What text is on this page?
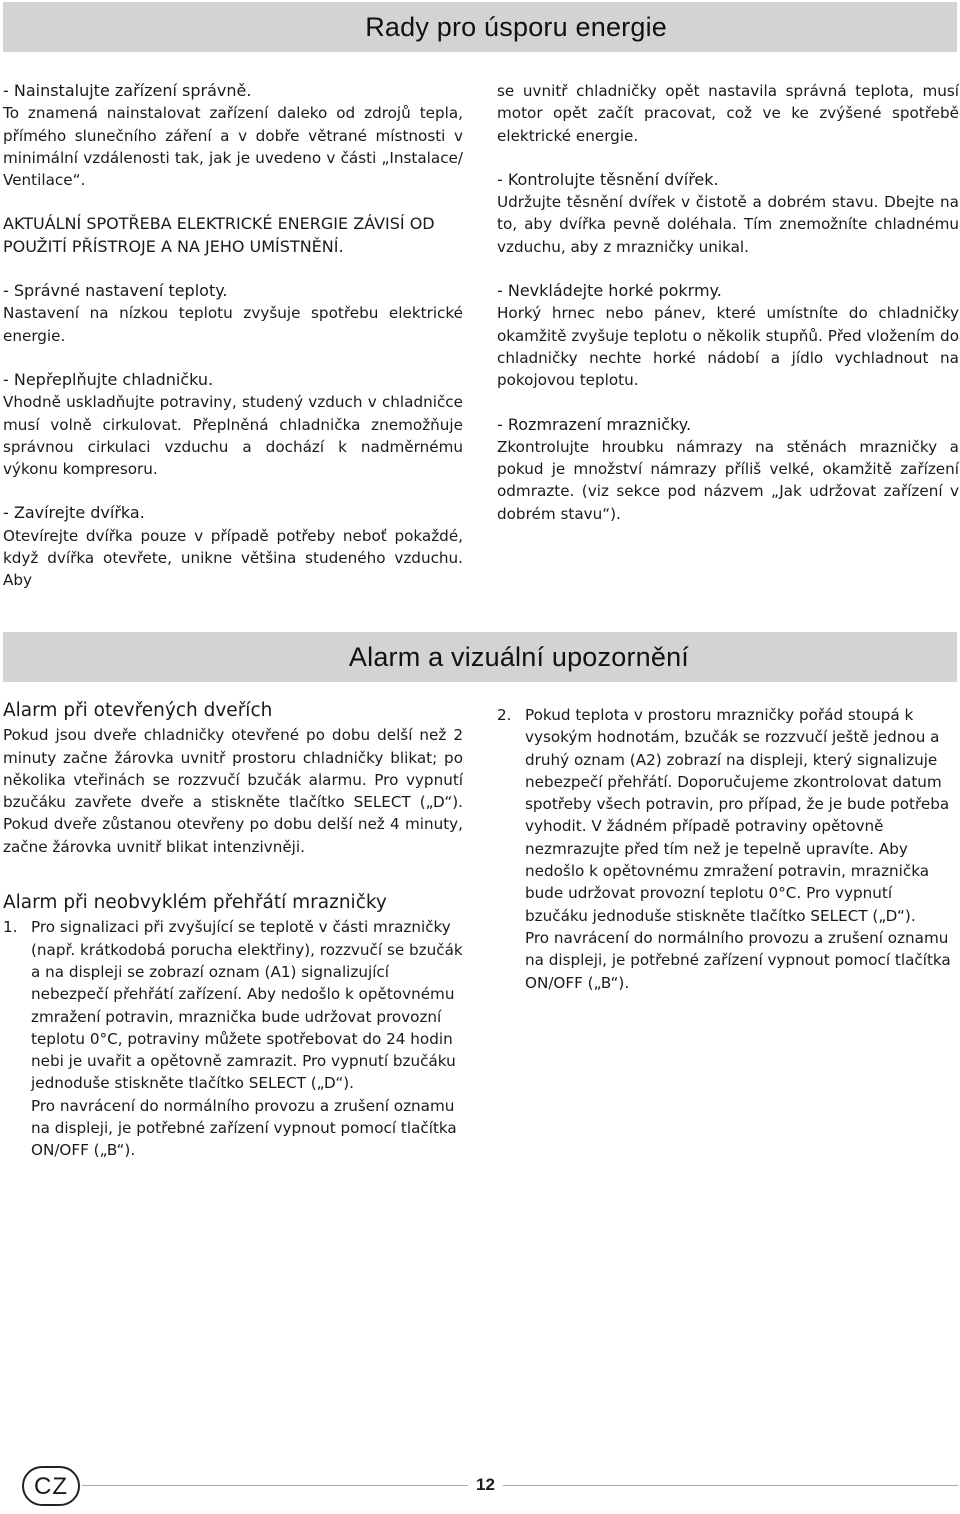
Rady pro úsporu energie

- Nainstalujte zařízení správně.

To znamená nainstalovat zařízení daleko od zdrojů tepla, přímého slunečního záření a v dobře větrané místnosti v minimální vzdálenosti tak, jak je uvedeno v části „Instalace/ Ventilace“.

AKTUÁLNÍ SPOTŘEBA ELEKTRICKÉ ENERGIE ZÁVISÍ OD POUŽITÍ PŘÍSTROJE A NA JEHO UMÍSTNĚNÍ.

- Správné nastavení teploty.

Nastavení na nízkou teplotu zvyšuje spotřebu elektrické energie.

- Nepřeplňujte chladničku.

Vhodně uskladňujte potraviny, studený vzduch v chladničce musí volně cirkulovat. Přeplněná chladnička znemožňuje správnou cirkulaci vzduchu a dochází k nadměrnému výkonu kompresoru.

- Zavírejte dvířka.

Otevírejte dvířka pouze v případě potřeby neboť pokaždé, když dvířka otevřete, unikne většina studeného vzduchu. Aby

se uvnitř chladničky opět nastavila správná teplota, musí motor opět začít pracovat, což ve ke zvýšené spotřebě elektrické energie.

- Kontrolujte těsnění dvířek.

Udržujte těsnění dvířek v čistotě a dobrém stavu. Dbejte na to, aby dvířka pevně doléhala. Tím znemožníte chladnému vzduchu, aby z mrazničky unikal.

- Nevkládejte horké pokrmy.

Horký hrnec nebo pánev, které umístníte do chladničky okamžitě zvyšuje teplotu o několik stupňů. Před vložením do chladničky nechte horké nádobí a jídlo vychladnout na pokojovou teplotu.

- Rozmrazení mrazničky.

Zkontrolujte hroubku námrazy na stěnách mrazničky a pokud je množství námrazy příliš velké, okamžitě zařízení odmrazte. (viz sekce pod názvem „Jak udržovat zařízení v dobrém stavu“).

Alarm a vizuální upozornění

Alarm při otevřených dveřích

Pokud jsou dveře chladničky otevřené po dobu delší než 2 minuty začne žárovka uvnitř prostoru chladničky blikat; po několika vteřinách se rozzvučí bzučák alarmu. Pro vypnutí bzučáku zavřete dveře a stiskněte tlačítko SELECT („D“). Pokud dveře zůstanou otevřeny po dobu delší než 4 minuty, začne žárovka uvnitř blikat intenzivněji.

Alarm při neobvyklém přehřátí mrazničky

1. Pro signalizaci při zvyšující se teplotě v části mrazničky (např. krátkodobá porucha elektřiny), rozzvučí se bzučák a na displeji se zobrazí oznam (A1) signalizující nebezpečí přehřátí zařízení. Aby nedošlo k opětovnému zmražení potravin, mraznička bude udržovat provozní teplotu 0°C, potraviny můžete spotřebovat do 24 hodin nebi je uvařit a opětovně zamrazit. Pro vypnutí bzučáku jednoduše stiskněte tlačítko SELECT („D“).

Pro navrácení do normálního provozu a zrušení oznamu na displeji, je potřebné zařízení vypnout pomocí tlačítka ON/OFF („B“).

2. Pokud teplota v prostoru mrazničky pořád stoupá k vysokým hodnotám, bzučák se rozzvučí ještě jednou a druhý oznam (A2) zobrazí na displeji, který signalizuje nebezpečí přehřátí. Doporučujeme zkontrolovat datum spotřeby všech potravin, pro případ, že je bude potřeba vyhodit. V žádném případě potraviny opětovně nezmrazujte před tím než je tepelně upravíte. Aby nedošlo k opětovnému zmražení potravin, mraznička bude udržovat provozní teplotu 0°C. Pro vypnutí bzučáku jednoduše stiskněte tlačítko SELECT („D“).

Pro navrácení do normálního provozu a zrušení oznamu na displeji, je potřebné zařízení vypnout pomocí tlačítka ON/OFF („B“).

CZ	12
